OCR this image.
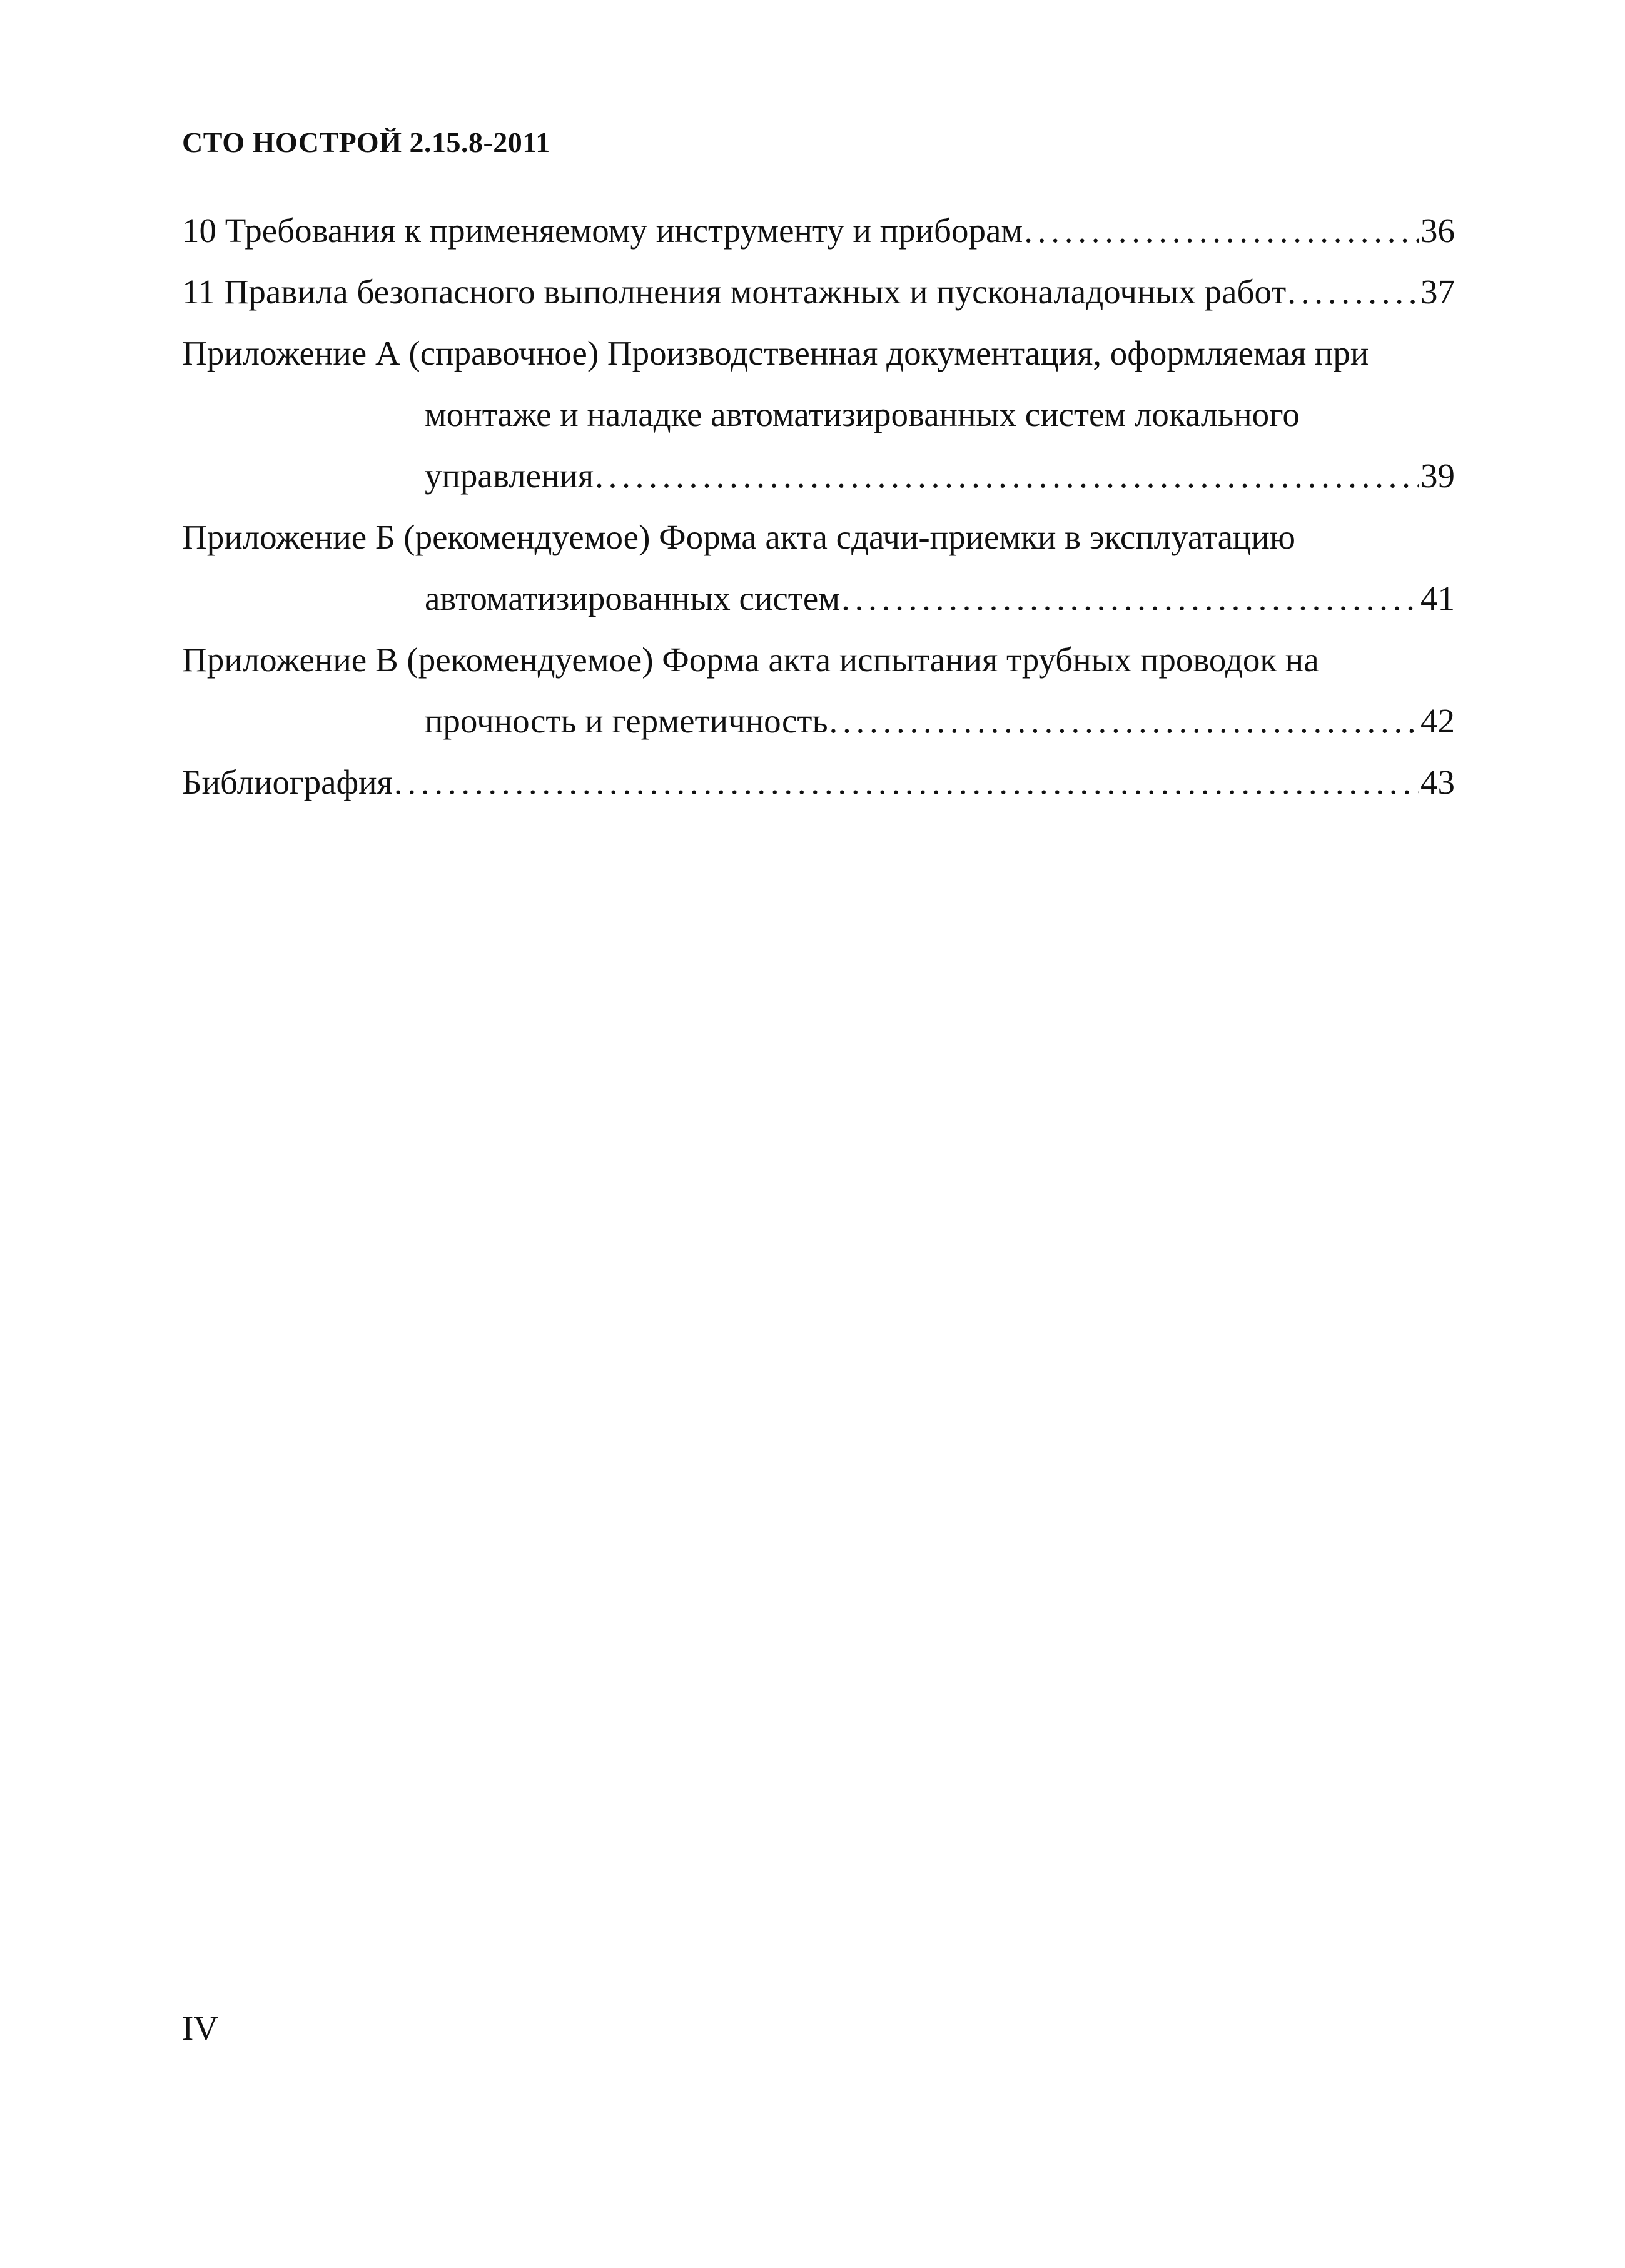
СТО НОСТРОЙ 2.15.8-2011
10 Требования к применяемому инструменту и приборам . . .	36
11 Правила безопасного выполнения монтажных и пусконаладочных работ . . .	37
Приложение А (справочное) Производственная документация, оформляемая при
монтаже и наладке автоматизированных систем локального
управления . . .	39
Приложение Б (рекомендуемое) Форма акта сдачи-приемки в эксплуатацию
автоматизированных систем . . .	41
Приложение В (рекомендуемое) Форма акта испытания трубных проводок на
прочность и герметичность . . .	42
Библиография . . .	43
IV
